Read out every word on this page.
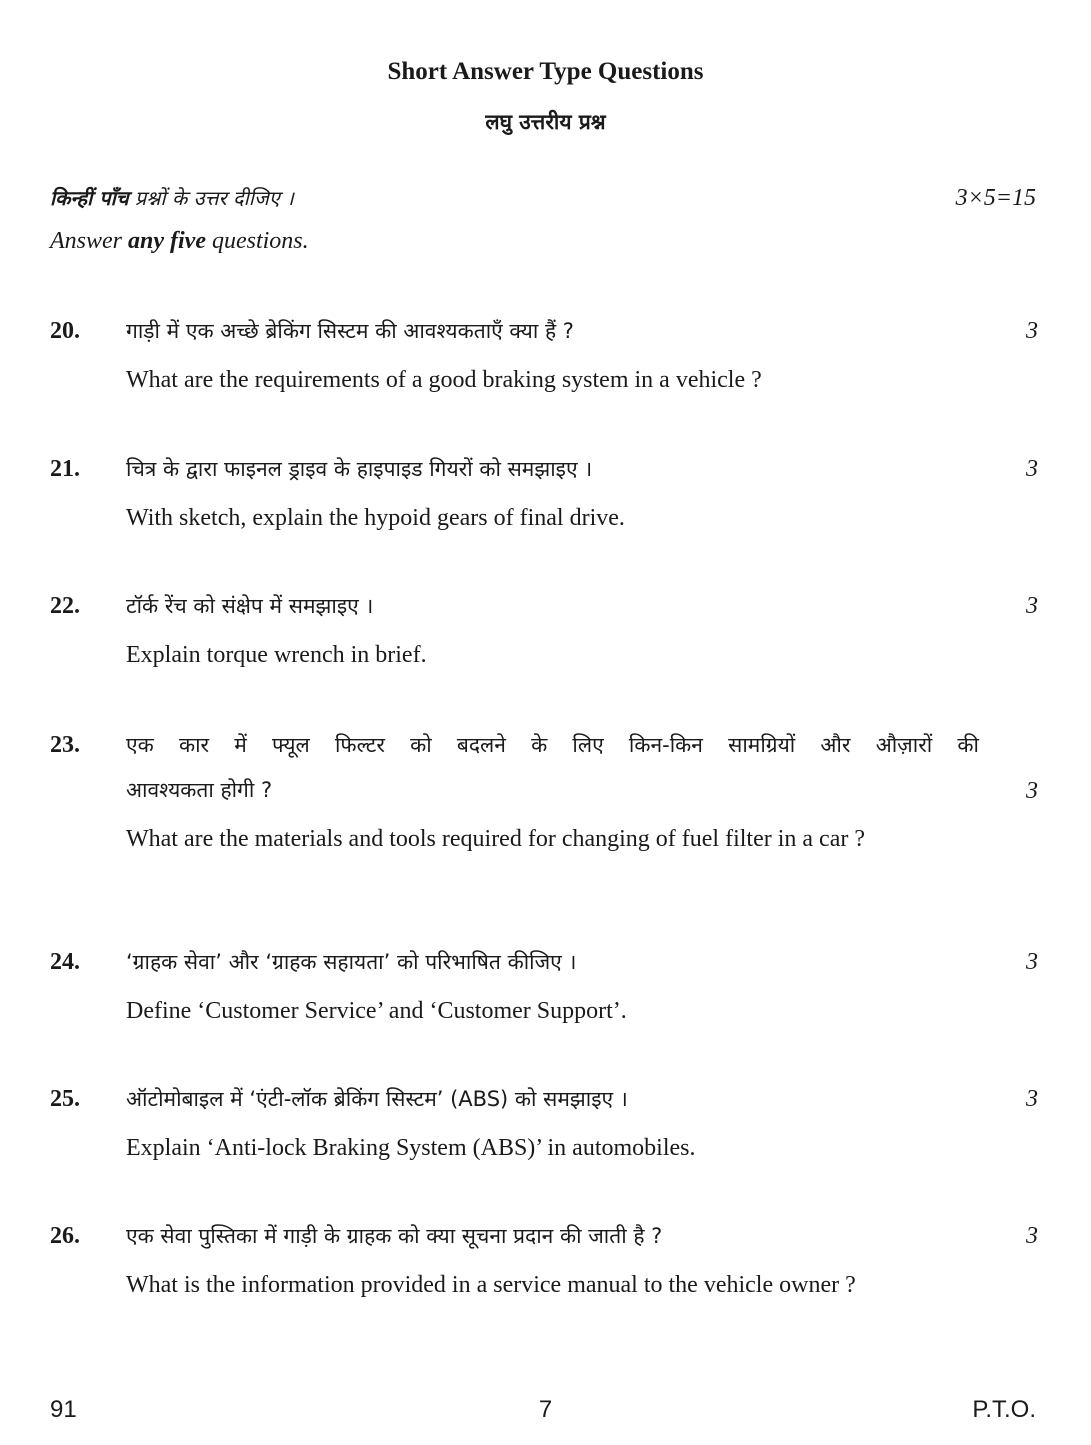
Short Answer Type Questions
लघु उत्तरीय प्रश्न
किन्हीं पाँच प्रश्नों के उत्तर दीजिए ।	3×5=15
Answer any five questions.
20. गाड़ी में एक अच्छे ब्रेकिंग सिस्टम की आवश्यकताएँ क्या हैं ?	3
What are the requirements of a good braking system in a vehicle ?
21. चित्र के द्वारा फाइनल ड्राइव के हाइपाइड गियरों को समझाइए ।	3
With sketch, explain the hypoid gears of final drive.
22. टॉर्क रेंच को संक्षेप में समझाइए ।	3
Explain torque wrench in brief.
23. एक कार में फ्यूल फिल्टर को बदलने के लिए किन-किन सामग्रियों और औज़ारों की
आवश्यकता होगी ?	3
What are the materials and tools required for changing of fuel filter in a car ?
24. ‘ग्राहक सेवा’ और ‘ग्राहक सहायता’ को परिभाषित कीजिए ।	3
Define ‘Customer Service’ and ‘Customer Support’.
25. ऑटोमोबाइल में ‘एंटी-लॉक ब्रेकिंग सिस्टम’ (ABS) को समझाइए ।	3
Explain ‘Anti-lock Braking System (ABS)’ in automobiles.
26. एक सेवा पुस्तिका में गाड़ी के ग्राहक को क्या सूचना प्रदान की जाती है ?	3
What is the information provided in a service manual to the vehicle owner ?
91	7	P.T.O.
